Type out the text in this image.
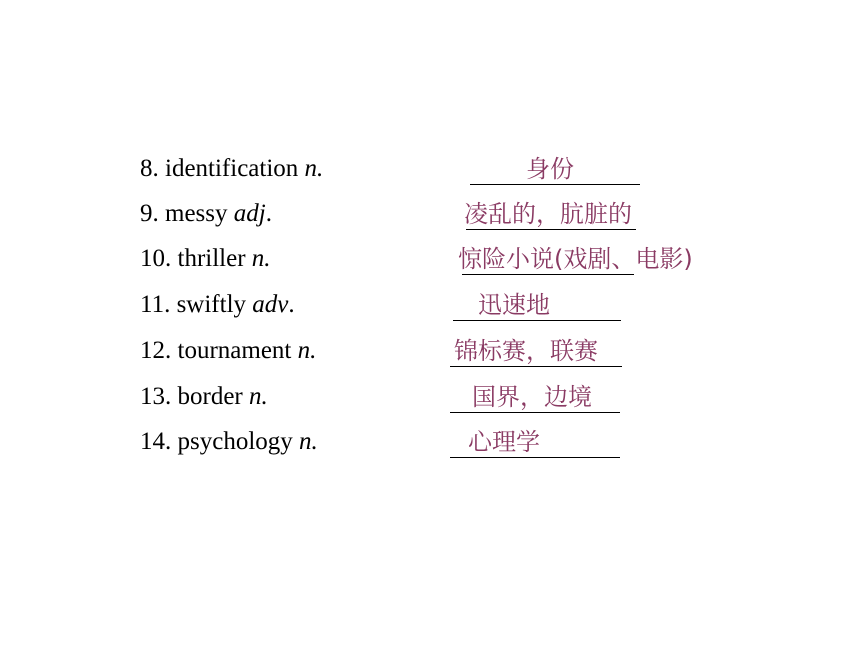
8. identification n.	身份
9. messy adj.	凌乱的，肮脏的
10. thriller n.	惊险小说(戏剧、电影)
11. swiftly adv.	迅速地
12. tournament n.	锦标赛，联赛
13. border n.	国界，边境
14. psychology n.	心理学
